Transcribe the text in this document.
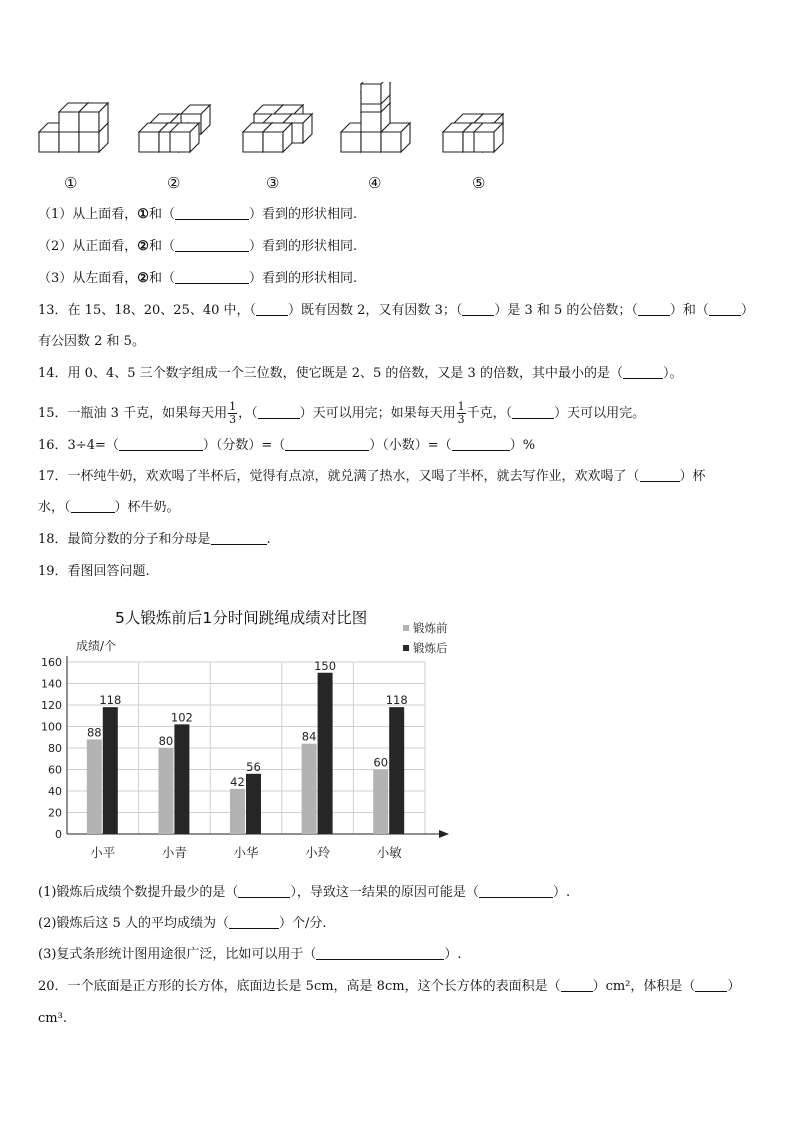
①	②	③	④	⑤
（1）从上面看，①和（	）看到的形状相同.
（2）从正面看，②和（	）看到的形状相同.
（3）从左面看，②和（	）看到的形状相同.
13．在 15、18、20、25、40 中，（ ）既有因数 2，又有因数 3；（ ）是 3 和 5 的公倍数；（ ）和（ ）
有公因数 2 和 5。
14．用 0、4、5 三个数字组成一个三位数，使它既是 2、5 的倍数，又是 3 的倍数，其中最小的是（	）。
15．一瓶油 3 千克，如果每天用 $\frac{1}{3}$ ，（	）天可以用完；如果每天用 $\frac{1}{3}$ 千克，（	）天可以用完。
16．3÷4=（	）（分数）=（	）（小数）=（	）%
17．一杯纯牛奶，欢欢喝了半杯后，觉得有点凉，就兑满了热水，又喝了半杯，就去写作业，欢欢喝了（	）杯
水，（	）杯牛奶。
18．最简分数的分子和分母是	.
19．看图回答问题.
5人锻炼前后1分时间跳绳成绩对比图
0
20
40
60
80
100
120
140
160
成绩/个
88
118
小平
80
102
小青
42
56
小华
84
150
小玲
60
118
小敏
锻炼前
锻炼后
(1)锻炼后成绩个数提升最少的是（	），导致这一结果的原因可能是（	）.
(2)锻炼后这 5 人的平均成绩为（	）个/分.
(3)复式条形统计图用途很广泛，比如可以用于（	）.
20．一个底面是正方形的长方体，底面边长是 5cm，高是 8cm，这个长方体的表面积是（ ）cm²，体积是（ ）
cm³.
